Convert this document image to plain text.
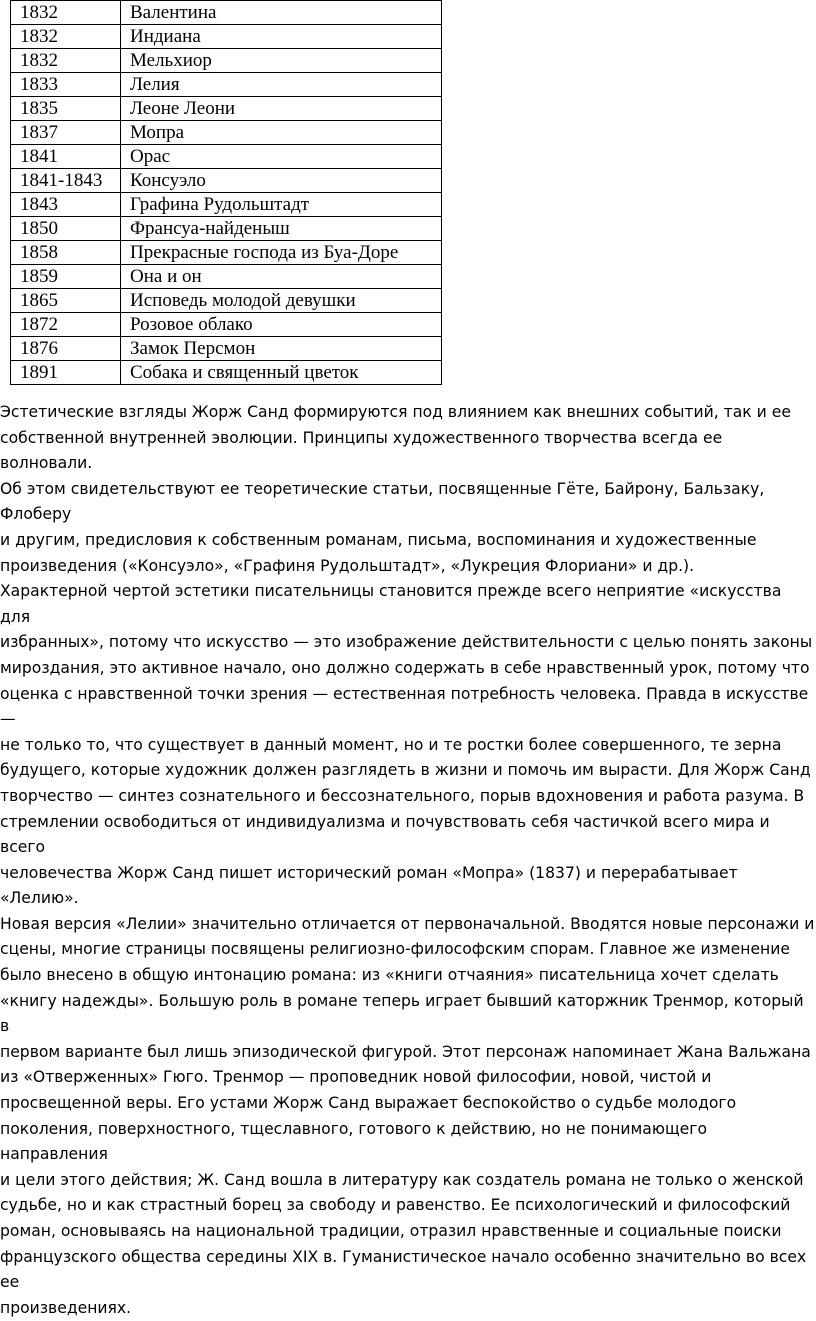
1832	Валентина
1832	Индиана
1832	Мельхиор
1833	Лелия
1835	Леоне Леони
1837	Мопра
1841	Орас
1841-1843	Консуэло
1843	Графина Рудольштадт
1850	Франсуа-найденыш
1858	Прекрасные господа из Буа-Доре
1859	Она и он
1865	Исповедь молодой девушки
1872	Розовое облако
1876	Замок Персмон
1891	Собака и священный цветок

Эстетические взгляды Жорж Санд формируются под влиянием как внешних событий, так и ее
собственной внутренней эволюции. Принципы художественного творчества всегда ее волновали.
Об этом свидетельствуют ее теоретические статьи, посвященные Гёте, Байрону, Бальзаку, Флоберу
и другим, предисловия к собственным романам, письма, воспоминания и художественные
произведения («Консуэло», «Графиня Рудольштадт», «Лукреция Флориани» и др.).
Характерной чертой эстетики писательницы становится прежде всего неприятие «искусства для
избранных», потому что искусство — это изображение действительности с целью понять законы
мироздания, это активное начало, оно должно содержать в себе нравственный урок, потому что
оценка с нравственной точки зрения — естественная потребность человека. Правда в искусстве —
не только то, что существует в данный момент, но и те ростки более совершенного, те зерна
будущего, которые художник должен разглядеть в жизни и помочь им вырасти. Для Жорж Санд
творчество — синтез сознательного и бессознательного, порыв вдохновения и работа разума. В
стремлении освободиться от индивидуализма и почувствовать себя частичкой всего мира и всего
человечества Жорж Санд пишет исторический роман «Мопра» (1837) и перерабатывает «Лелию».
Новая версия «Лелии» значительно отличается от первоначальной. Вводятся новые персонажи и
сцены, многие страницы посвящены религиозно-философским спорам. Главное же изменение
было внесено в общую интонацию романа: из «книги отчаяния» писательница хочет сделать
«книгу надежды». Большую роль в романе теперь играет бывший каторжник Тренмор, который в
первом варианте был лишь эпизодической фигурой. Этот персонаж напоминает Жана Вальжана
из «Отверженных» Гюго. Тренмор — проповедник новой философии, новой, чистой и
просвещенной веры. Его устами Жорж Санд выражает беспокойство о судьбе молодого
поколения, поверхностного, тщеславного, готового к действию, но не понимающего направления
и цели этого действия; Ж. Санд вошла в литературу как создатель романа не только о женской
судьбе, но и как страстный борец за свободу и равенство. Ее психологический и философский
роман, основываясь на национальной традиции, отразил нравственные и социальные поиски
французского общества середины XIX в. Гуманистическое начало особенно значительно во всех ее
произведениях.
